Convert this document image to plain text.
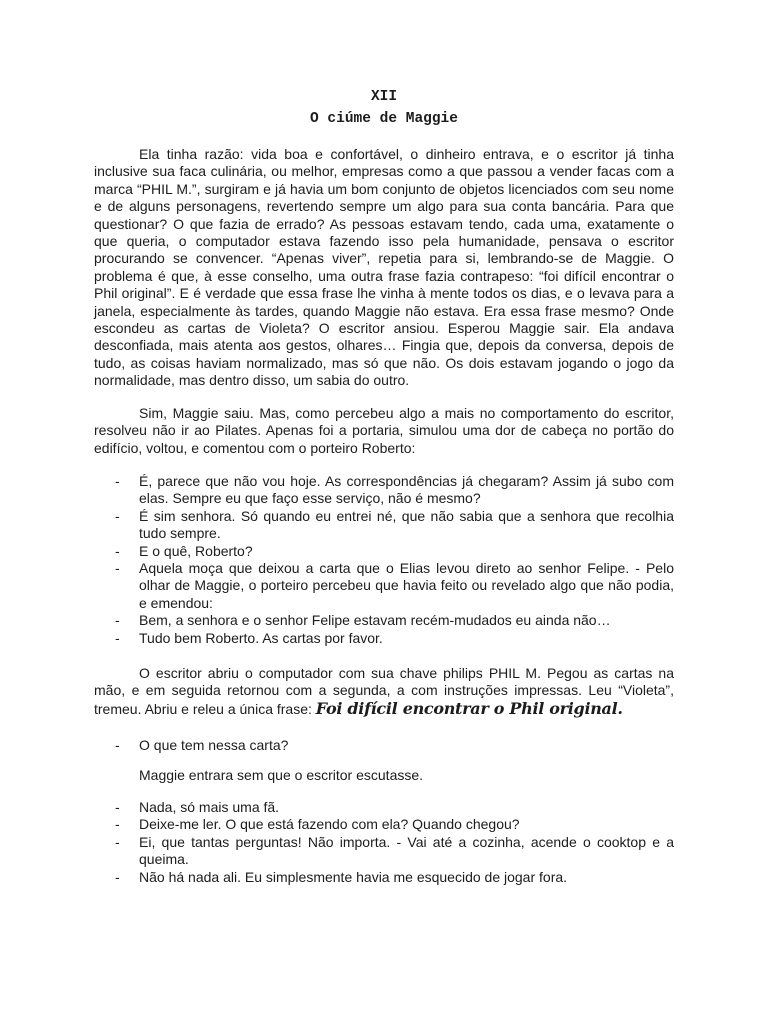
XII
O ciúme de Maggie

Ela tinha razão: vida boa e confortável, o dinheiro entrava, e o escritor já tinha inclusive sua faca culinária, ou melhor, empresas como a que passou a vender facas com a marca “PHIL M.”, surgiram e já havia um bom conjunto de objetos licenciados com seu nome e de alguns personagens, revertendo sempre um algo para sua conta bancária. Para que questionar? O que fazia de errado? As pessoas estavam tendo, cada uma, exatamente o que queria, o computador estava fazendo isso pela humanidade, pensava o escritor procurando se convencer. “Apenas viver”, repetia para si, lembrando-se de Maggie. O problema é que, à esse conselho, uma outra frase fazia contrapeso: “foi difícil encontrar o Phil original”. E é verdade que essa frase lhe vinha à mente todos os dias, e o levava para a janela, especialmente às tardes, quando Maggie não estava. Era essa frase mesmo? Onde escondeu as cartas de Violeta? O escritor ansiou. Esperou Maggie sair. Ela andava desconfiada, mais atenta aos gestos, olhares… Fingia que, depois da conversa, depois de tudo, as coisas haviam normalizado, mas só que não. Os dois estavam jogando o jogo da normalidade, mas dentro disso, um sabia do outro.

Sim, Maggie saiu. Mas, como percebeu algo a mais no comportamento do escritor, resolveu não ir ao Pilates. Apenas foi a portaria, simulou uma dor de cabeça no portão do edifício, voltou, e comentou com o porteiro Roberto:

- É, parece que não vou hoje. As correspondências já chegaram? Assim já subo com elas. Sempre eu que faço esse serviço, não é mesmo?
- É sim senhora. Só quando eu entrei né, que não sabia que a senhora que recolhia tudo sempre.
- E o quê, Roberto?
- Aquela moça que deixou a carta que o Elias levou direto ao senhor Felipe. - Pelo olhar de Maggie, o porteiro percebeu que havia feito ou revelado algo que não podia, e emendou:
- Bem, a senhora e o senhor Felipe estavam recém-mudados eu ainda não…
- Tudo bem Roberto. As cartas por favor.

O escritor abriu o computador com sua chave philips PHIL M. Pegou as cartas na mão, e em seguida retornou com a segunda, a com instruções impressas. Leu “Violeta”, tremeu. Abriu e releu a única frase: Foi difícil encontrar o Phil original.

- O que tem nessa carta?

Maggie entrara sem que o escritor escutasse.

- Nada, só mais uma fã.
- Deixe-me ler. O que está fazendo com ela? Quando chegou?
- Ei, que tantas perguntas! Não importa. - Vai até a cozinha, acende o cooktop e a queima.
- Não há nada ali. Eu simplesmente havia me esquecido de jogar fora.
